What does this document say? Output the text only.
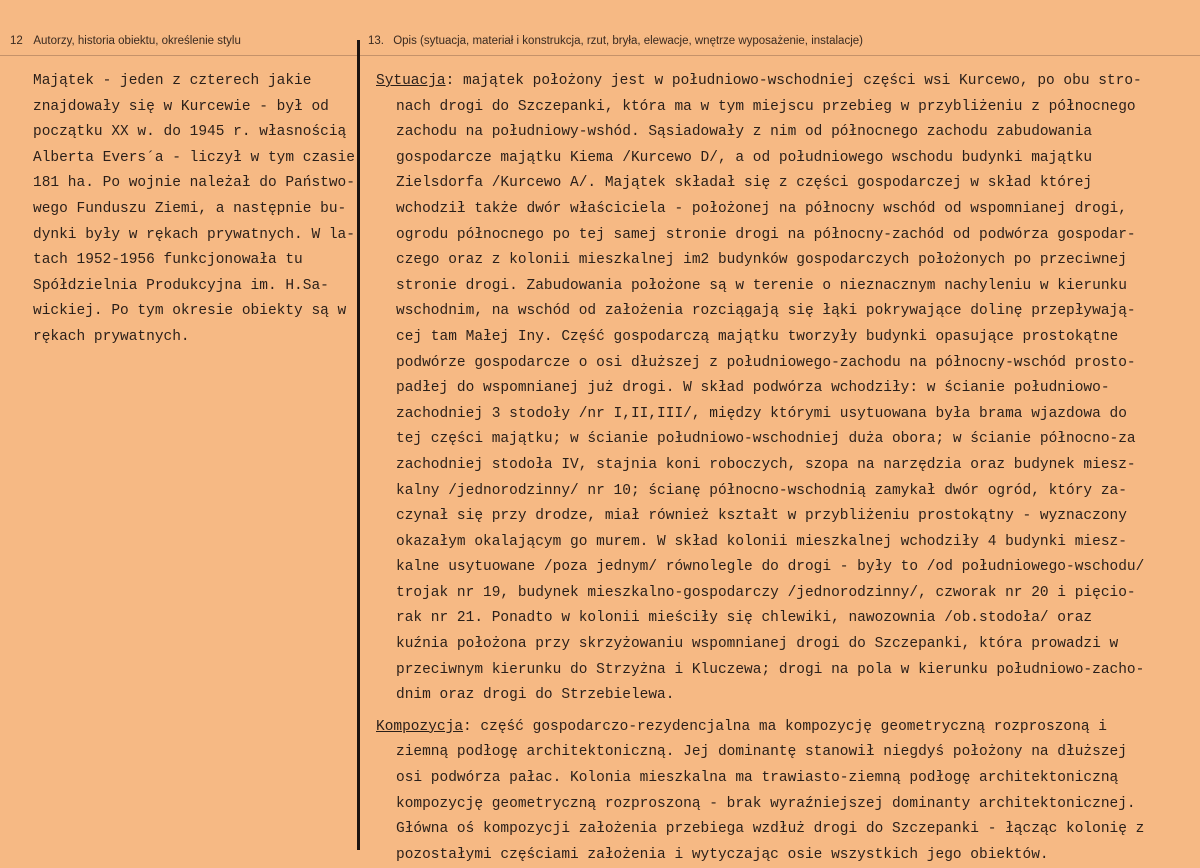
12 Autorzy, historia obiektu, określenie stylu	13. Opis (sytuacja, materiał i konstrukcja, rzut, bryła, elewacje, wnętrze wyposażenie, instalacje)

Majątek - jeden z czterech jakie

znajdowały się w Kurcewie - był od

początku XX w. do 1945 r. własnością

Alberta Evers´a - liczył w tym czasie

181 ha. Po wojnie należał do Państwo-

wego Funduszu Ziemi, a następnie bu-

dynki były w rękach prywatnych. W la-

tach 1952-1956 funkcjonowała tu

Spółdzielnia Produkcyjna im. H.Sa-

wickiej. Po tym okresie obiekty są w

rękach prywatnych.

Sytuacja: majątek położony jest w południowo-wschodniej części wsi Kurcewo, po obu stro-

nach drogi do Szczepanki, która ma w tym miejscu przebieg w przybliżeniu z północnego

zachodu na południowy-wshód. Sąsiadowały z nim od północnego zachodu zabudowania

gospodarcze majątku Kiema /Kurcewo D/, a od południowego wschodu budynki majątku

Zielsdorfa /Kurcewo A/. Majątek składał się z części gospodarczej w skład której

wchodził także dwór właściciela - położonej na północny wschód od wspomnianej drogi,

ogrodu północnego po tej samej stronie drogi na północny-zachód od podwórza gospodar-

czego oraz z kolonii mieszkalnej im2 budynków gospodarczych położonych po przeciwnej

stronie drogi. Zabudowania położone są w terenie o nieznacznym nachyleniu w kierunku

wschodnim, na wschód od założenia rozciągają się łąki pokrywające dolinę przepływają-

cej tam Małej Iny. Część gospodarczą majątku tworzyły budynki opasujące prostokątne

podwórze gospodarcze o osi dłuższej z południowego-zachodu na północny-wschód prosto-

padłej do wspomnianej już drogi. W skład podwórza wchodziły: w ścianie południowo-

zachodniej 3 stodoły /nr I,II,III/, między którymi usytuowana była brama wjazdowa do

tej części majątku; w ścianie południowo-wschodniej duża obora; w ścianie północno-za

zachodniej stodoła IV, stajnia koni roboczych, szopa na narzędzia oraz budynek miesz-

kalny /jednorodzinny/ nr 10; ścianę północno-wschodnią zamykał dwór ogród, który za-

czynał się przy drodze, miał również kształt w przybliżeniu prostokątny - wyznaczony

okazałym okalającym go murem. W skład kolonii mieszkalnej wchodziły 4 budynki miesz-

kalne usytuowane /poza jednym/ równolegle do drogi - były to /od południowego-wschodu/

trojak nr 19, budynek mieszkalno-gospodarczy /jednorodzinny/, czworak nr 20 i pięcio-

rak nr 21. Ponadto w kolonii mieściły się chlewiki, nawozownia /ob.stodoła/ oraz

kuźnia położona przy skrzyżowaniu wspomnianej drogi do Szczepanki, która prowadzi w

przeciwnym kierunku do Strzyżna i Kluczewa; drogi na pola w kierunku południowo-zacho-

dnim oraz drogi do Strzebielewa.

Kompozycja: część gospodarczo-rezydencjalna ma kompozycję geometryczną rozproszoną i

ziemną podłogę architektoniczną. Jej dominantę stanowił niegdyś położony na dłuższej

osi podwórza pałac. Kolonia mieszkalna ma trawiasto-ziemną podłogę architektoniczną

kompozycję geometryczną rozproszoną - brak wyraźniejszej dominanty architektonicznej.

Główna oś kompozycji założenia przebiega wzdłuż drogi do Szczepanki - łącząc kolonię z

pozostałymi częściami założenia i wytyczając osie wszystkich jego obiektów.
